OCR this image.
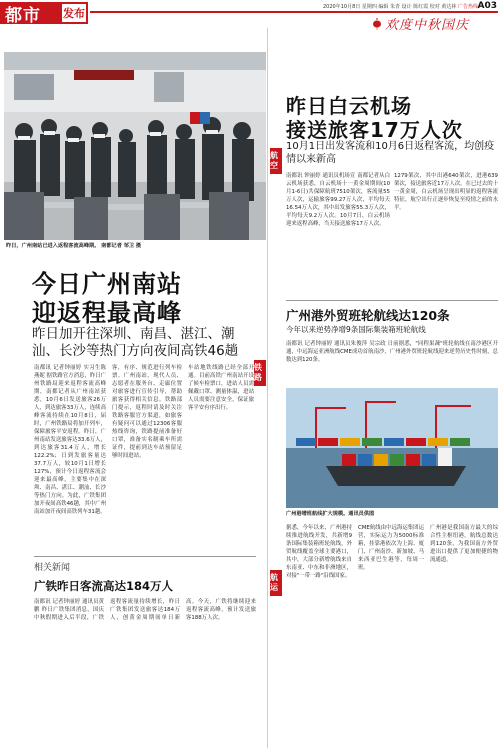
都市 发布	2020年10月8日 星期四 编辑 朱青 设计 陈红霞 校对 黄达林 广告热线 A03
欢度中秋国庆
昨日，广州南站已进入返程客流高峰期。 南都记者 邹卫 摄
今日广州南站
迎返程最高峰
昨日加开往深圳、南昌、湛江、潮
汕、长沙等热门方向夜间高铁46趟
铁路
南都讯 记者钟丽婷 实习生陈燕妮 据铁路官方消息，昨日广州铁路局迎来返程客流高峰期，南都记者从广州南站获悉，10月6日发送旅客26万人，到达旅客33万人，连续高峰客流持续在10月8日，届时，广州铁路局将加开列车，保障旅客平安返程。昨日，广州南站发送旅客达33.6万人，到达旅客31.4万人，增长122.2%；日到发旅客量达37.7万人，较10月1日增长127%，预计今日返程客流会迎来最高峰，主要集中在深圳、南昌、湛江、潮汕、长沙等热门方向。为此，广铁集团加开夜间高铁46趟，其中广州南站加开夜间高铁列车31趟。
客，有序、规范进行列车检票。广州南站，现代人员、志愿者在服务台、走廊位置对旅客进行宣传引导，帮助旅客获得相关信息。铁路部门提示，返程时请及时关注铁路客服官方渠道，如旅客有疑问可以通过12306客服热线咨询，铁路提前准备好口罩，准备实名制乘车所需证件，提前到达车站预留足够时间进站。
车站地铁线路已经全部开通。目前高铁广州南站开设了候车检票口，进站人员需佩戴口罩、测量体温，进站人员需要注意安全，保证旅客平安有序出行。
相关新闻
广铁昨日客流高达184万人
南都讯 记者钟丽婷 通讯员黄鹏 昨日广铁集团消息，国庆中秋假期进入后半段，广铁返程客流量持续增长，昨日广铁集团发送旅客达184万人，创黄金周期间单日新高。今天，广铁将继续迎来返程客流高峰，预计发送旅客188万人次。
航空
昨日白云机场
接送旅客17万人次
10月1日出发客流和10月6日返程客流，均创疫情以来新高
南都讯 钟丽婷 通讯员机场宣 南都记者从白云机场获悉，自云机场十一黄金周期间(10月1-6日)共保障航班7510架次，客流量55万人次，运输旅客99.27万人次，平均每天16.54万人次，其中出发旅客55.3万人次，平均每天9.2万人次。10月7日，白云机场迎来返程高峰，当天接送旅客17万人次。
1279架次，其中出港640架次，进港639架次，接送旅客近17万人次。在已过去的十一黄金周，白云机场呈现出明显的返程客流特征，航空出行正逐步恢复至疫情之前的水平。
广州港外贸班轮航线达120条
今年以来逆势净增9条国际集装箱班轮航线
南都讯 记者钟丽婷 通讯员朱俊萍 吴宗政 日前据悉，"同程果蔬"班轮航线在南沙港区开通，中远海运亚洲航线CME成功首航南沙，广州港外贸班轮航线迎来逆势历史性时刻，总数达到120条。
广州港增班航线扩大规模。通讯员供图
航运
据悉，今年以来，广州港持续推进航线开发，共新增9条国际集装箱班轮航线，外贸航线覆盖全球主要港口，其中，大部分新增航线来自东南亚、中东和非洲地区，对接"一带一路"沿线国家。
CME航线由中远海运集团运营，实际运力为5000标准箱，挂靠港依次为上海、厦门、广州南沙、新加坡、马来西亚巴生港等，每周一班。
广州港是我国南方最大的综合性主枢纽港，航线总数达到120条，为我国南方外贸进出口提供了更加便捷的物流通道。
